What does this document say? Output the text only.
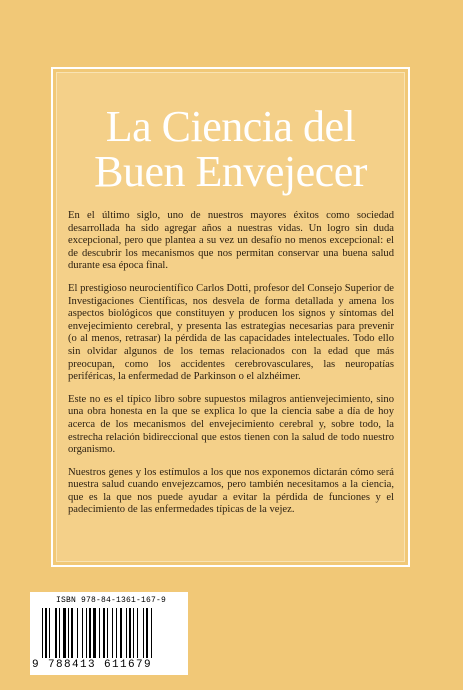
La Ciencia del
Buen Envejecer

En el último siglo, uno de nuestros mayores éxitos como sociedad desarrollada ha sido agregar años a nuestras vidas. Un logro sin duda excepcional, pero que plantea a su vez un desafío no menos excepcional: el de descubrir los mecanismos que nos permitan conservar una buena salud durante esa época final.

El prestigioso neurocientífico Carlos Dotti, profesor del Consejo Superior de Investigaciones Científicas, nos desvela de forma detallada y amena los aspectos biológicos que constituyen y producen los signos y síntomas del envejecimiento cerebral, y presenta las estrategias necesarias para prevenir (o al menos, retrasar) la pérdida de las capacidades intelectuales. Todo ello sin olvidar algunos de los temas relacionados con la edad que más preocupan, como los accidentes cerebrovasculares, las neuropatías periféricas, la enfermedad de Parkinson o el alzhéimer.

Este no es el típico libro sobre supuestos milagros antienvejecimiento, sino una obra honesta en la que se explica lo que la ciencia sabe a día de hoy acerca de los mecanismos del envejecimiento cerebral y, sobre todo, la estrecha relación bidireccional que estos tienen con la salud de todo nuestro organismo.

Nuestros genes y los estímulos a los que nos exponemos dictarán cómo será nuestra salud cuando envejezcamos, pero también necesitamos a la ciencia, que es la que nos puede ayudar a evitar la pérdida de funciones y el padecimiento de las enfermedades típicas de la vejez.

ISBN 978-84-1361-167-9
9 788413 611679
